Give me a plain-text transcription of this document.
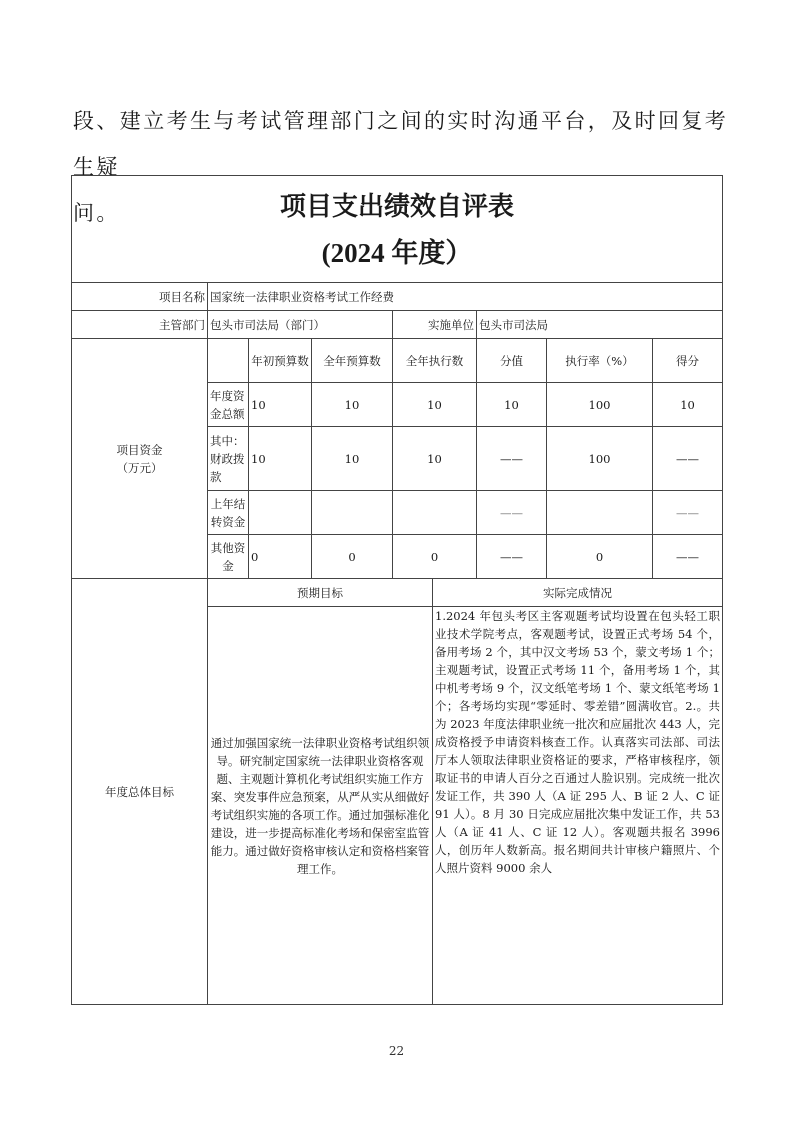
段、建立考生与考试管理部门之间的实时沟通平台，及时回复考生疑
问。	项目支出绩效自评表
(2024 年度）							

项目名称	国家统一法律职业资格考试工作经费						
主管部门	包头市司法局（部门）			实施单位	包头市司法局		

项目资金
（万元）		年初预算数	全年预算数	全年执行数	分值	执行率（%）	得分
	年度资金总额	10	10	10	10	100	10
	其中：财政拨款	10	10	10	——	100	——
	上年结转资金				——		——
	其他资金	0	0	0	——	0	——
年度总体目标	预期目标	实际完成情况
	通过加强国家统一法律职业资格考试组织领导。研究制定国家统一法律职业资格客观题、主观题计算机化考试组织实施工作方案、突发事件应急预案，从严从实从细做好考试组织实施的各项工作。通过加强标准化建设，进一步提高标准化考场和保密室监管能力。通过做好资格审核认定和资格档案管理工作。	1.2024 年包头考区主客观题考试均设置在包头轻工职业技术学院考点，客观题考试，设置正式考场 54 个，备用考场 2 个，其中汉文考场 53 个，蒙文考场 1 个；主观题考试，设置正式考场 11 个，备用考场 1 个，其中机考考场 9 个，汉文纸笔考场 1 个、蒙文纸笔考场 1 个；各考场均实现“零延时、零差错”圆满收官。2.。共为 2023 年度法律职业统一批次和应届批次 443 人，完成资格授予申请资料核查工作。认真落实司法部、司法厅本人领取法律职业资格证的要求，严格审核程序，领取证书的申请人百分之百通过人脸识别。完成统一批次发证工作，共 390 人（A 证 295 人、B 证 2 人、C 证 91 人）。8 月 30 日完成应届批次集中发证工作，共 53 人（A 证 41 人、C 证 12 人）。客观题共报名 3996 人，创历年人数新高。报名期间共计审核户籍照片、个人照片资料 9000 余人
22
